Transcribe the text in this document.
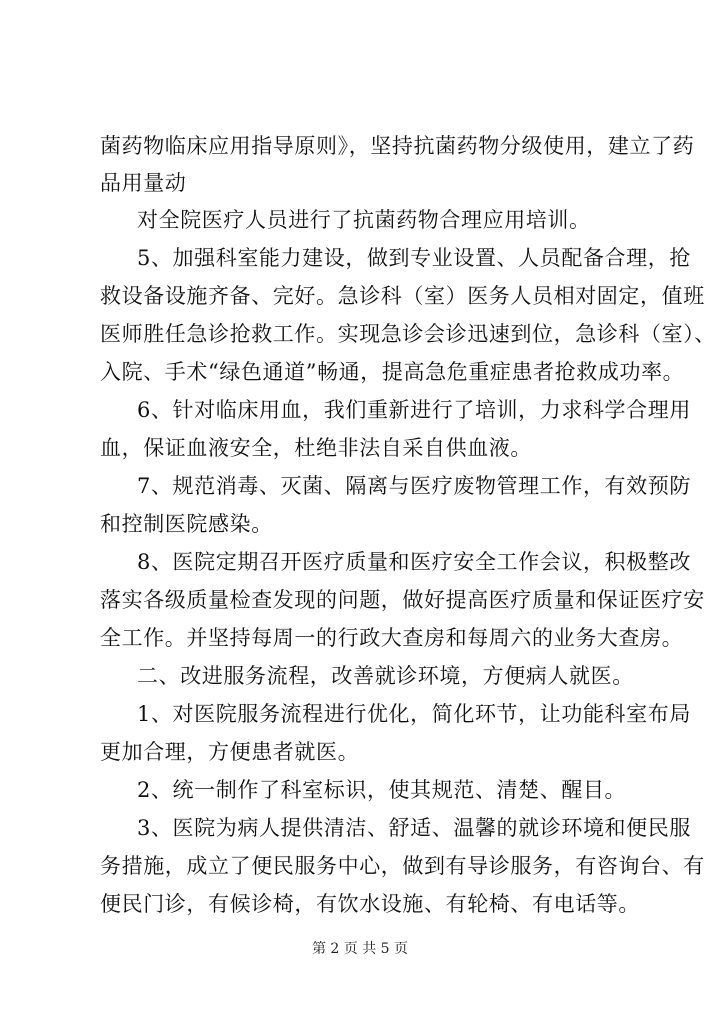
菌药物临床应用指导原则》，坚持抗菌药物分级使用，建立了药
品用量动
对全院医疗人员进行了抗菌药物合理应用培训。
5、加强科室能力建设，做到专业设置、人员配备合理，抢
救设备设施齐备、完好。急诊科（室）医务人员相对固定，值班
医师胜任急诊抢救工作。实现急诊会诊迅速到位，急诊科（室）、
入院、手术“绿色通道”畅通，提高急危重症患者抢救成功率。
6、针对临床用血，我们重新进行了培训，力求科学合理用
血，保证血液安全，杜绝非法自采自供血液。
7、规范消毒、灭菌、隔离与医疗废物管理工作，有效预防
和控制医院感染。
8、医院定期召开医疗质量和医疗安全工作会议，积极整改
落实各级质量检查发现的问题，做好提高医疗质量和保证医疗安
全工作。并坚持每周一的行政大查房和每周六的业务大查房。
二、改进服务流程，改善就诊环境，方便病人就医。
1、对医院服务流程进行优化，简化环节，让功能科室布局
更加合理，方便患者就医。
2、统一制作了科室标识，使其规范、清楚、醒目。
3、医院为病人提供清洁、舒适、温馨的就诊环境和便民服
务措施，成立了便民服务中心，做到有导诊服务，有咨询台、有
便民门诊，有候诊椅，有饮水设施、有轮椅、有电话等。
第 2 页 共 5 页
